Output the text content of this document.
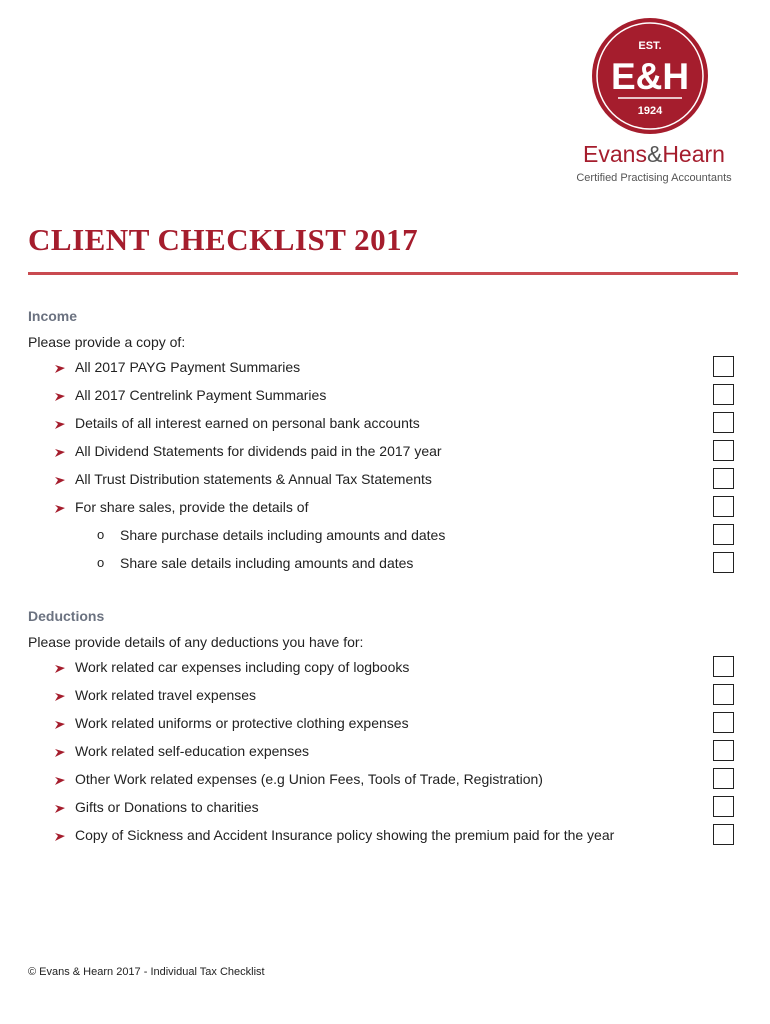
EST.
E&H
1924
Evans&Hearn
Certified Practising Accountants
CLIENT CHECKLIST 2017
Income
Please provide a copy of:
All 2017 PAYG Payment Summaries
All 2017 Centrelink Payment Summaries
Details of all interest earned on personal bank accounts
All Dividend Statements for dividends paid in the 2017 year
All Trust Distribution statements & Annual Tax Statements
For share sales, provide the details of
o Share purchase details including amounts and dates
o Share sale details including amounts and dates
Deductions
Please provide details of any deductions you have for:
Work related car expenses including copy of logbooks
Work related travel expenses
Work related uniforms or protective clothing expenses
Work related self-education expenses
Other Work related expenses (e.g Union Fees, Tools of Trade, Registration)
Gifts or Donations to charities
Copy of Sickness and Accident Insurance policy showing the premium paid for the year
© Evans & Hearn 2017 - Individual Tax Checklist
